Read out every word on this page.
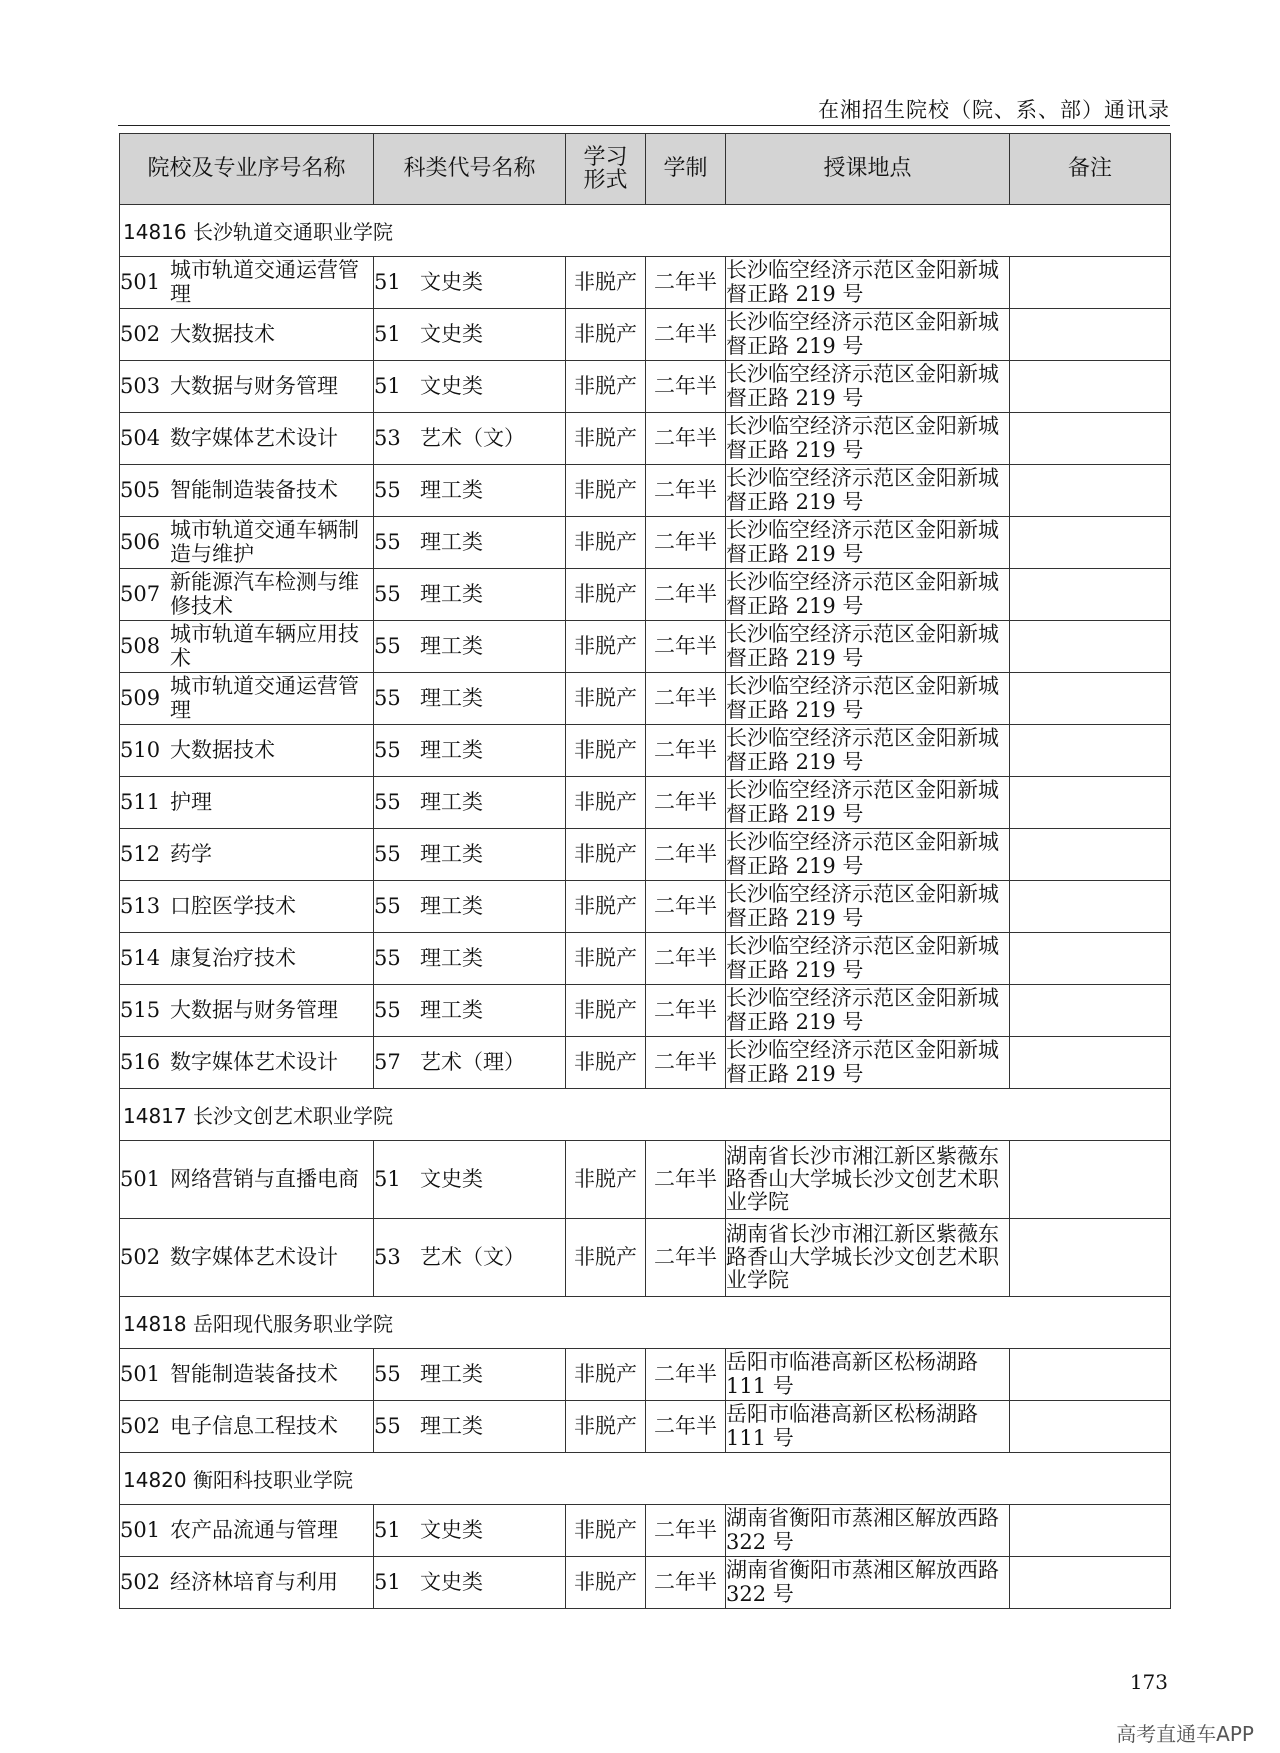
在湘招生院校（院、系、部）通讯录
院校及专业序号名称	科类代号名称	学习
形式	学制	授课地点	备注
14816 长沙轨道交通职业学院					

501 城市轨道交通运营管理	51 文史类	非脱产	二年半	长沙临空经济示范区金阳新城督正路 219 号	

502 大数据技术	51 文史类	非脱产	二年半	长沙临空经济示范区金阳新城督正路 219 号	

503 大数据与财务管理	51 文史类	非脱产	二年半	长沙临空经济示范区金阳新城督正路 219 号	

504 数字媒体艺术设计	53 艺术（文）	非脱产	二年半	长沙临空经济示范区金阳新城督正路 219 号	

505 智能制造装备技术	55 理工类	非脱产	二年半	长沙临空经济示范区金阳新城督正路 219 号	

506 城市轨道交通车辆制造与维护	55 理工类	非脱产	二年半	长沙临空经济示范区金阳新城督正路 219 号	

507 新能源汽车检测与维修技术	55 理工类	非脱产	二年半	长沙临空经济示范区金阳新城督正路 219 号	

508 城市轨道车辆应用技术	55 理工类	非脱产	二年半	长沙临空经济示范区金阳新城督正路 219 号	

509 城市轨道交通运营管理	55 理工类	非脱产	二年半	长沙临空经济示范区金阳新城督正路 219 号	

510 大数据技术	55 理工类	非脱产	二年半	长沙临空经济示范区金阳新城督正路 219 号	

511 护理	55 理工类	非脱产	二年半	长沙临空经济示范区金阳新城督正路 219 号	

512 药学	55 理工类	非脱产	二年半	长沙临空经济示范区金阳新城督正路 219 号	

513 口腔医学技术	55 理工类	非脱产	二年半	长沙临空经济示范区金阳新城督正路 219 号	

514 康复治疗技术	55 理工类	非脱产	二年半	长沙临空经济示范区金阳新城督正路 219 号	

515 大数据与财务管理	55 理工类	非脱产	二年半	长沙临空经济示范区金阳新城督正路 219 号	

516 数字媒体艺术设计	57 艺术（理）	非脱产	二年半	长沙临空经济示范区金阳新城督正路 219 号	
14817 长沙文创艺术职业学院					

501 网络营销与直播电商	51 文史类	非脱产	二年半	湖南省长沙市湘江新区紫薇东路香山大学城长沙文创艺术职业学院	

502 数字媒体艺术设计	53 艺术（文）	非脱产	二年半	湖南省长沙市湘江新区紫薇东路香山大学城长沙文创艺术职业学院	
14818 岳阳现代服务职业学院					

501 智能制造装备技术	55 理工类	非脱产	二年半	岳阳市临港高新区松杨湖路111 号	

502 电子信息工程技术	55 理工类	非脱产	二年半	岳阳市临港高新区松杨湖路111 号	
14820 衡阳科技职业学院					

501 农产品流通与管理	51 文史类	非脱产	二年半	湖南省衡阳市蒸湘区解放西路 322 号	

502 经济林培育与利用	51 文史类	非脱产	二年半	湖南省衡阳市蒸湘区解放西路 322 号	
173
高考直通车APP
